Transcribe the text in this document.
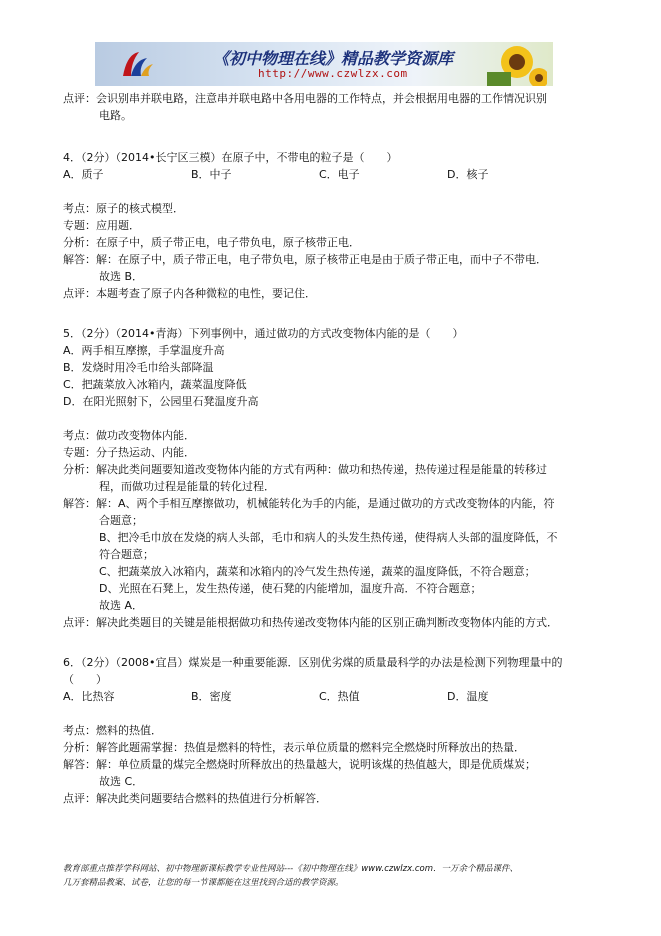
《初中物理在线》精品教学资源库
http://www.czwlzx.com
点评：会识别串并联电路，注意串并联电路中各用电器的工作特点，并会根据用电器的工作情况识别
电路。
4．（2分）（2014•长宁区三模）在原子中，不带电的粒子是（　　）
A．质子	B．中子	C．电子	D．核子
考点：原子的核式模型．
专题：应用题．
分析：在原子中，质子带正电，电子带负电，原子核带正电．
解答：解：在原子中，质子带正电，电子带负电，原子核带正电是由于质子带正电，而中子不带电．
故选 B．
点评：本题考查了原子内各种微粒的电性，要记住．
5．（2分）（2014•青海）下列事例中，通过做功的方式改变物体内能的是（　　）
A．两手相互摩擦，手掌温度升高
B．发烧时用冷毛巾给头部降温
C．把蔬菜放入冰箱内，蔬菜温度降低
D．在阳光照射下，公园里石凳温度升高
考点：做功改变物体内能．
专题：分子热运动、内能．
分析：解决此类问题要知道改变物体内能的方式有两种：做功和热传递，热传递过程是能量的转移过
程，而做功过程是能量的转化过程．
解答：解：A、两个手相互摩擦做功，机械能转化为手的内能，是通过做功的方式改变物体的内能，符
合题意；
B、把冷毛巾放在发烧的病人头部，毛巾和病人的头发生热传递，使得病人头部的温度降低，不
符合题意；
C、把蔬菜放入冰箱内，蔬菜和冰箱内的冷气发生热传递，蔬菜的温度降低，不符合题意；
D、光照在石凳上，发生热传递，使石凳的内能增加，温度升高．不符合题意；
故选 A．
点评：解决此类题目的关键是能根据做功和热传递改变物体内能的区别正确判断改变物体内能的方式．
6．（2分）（2008•宜昌）煤炭是一种重要能源．区别优劣煤的质量最科学的办法是检测下列物理量中的
（　　）
A．比热容	B．密度	C．热值	D．温度
考点：燃料的热值．
分析：解答此题需掌握：热值是燃料的特性，表示单位质量的燃料完全燃烧时所释放出的热量．
解答：解：单位质量的煤完全燃烧时所释放出的热量越大，说明该煤的热值越大，即是优质煤炭；
故选 C．
点评：解决此类问题要结合燃料的热值进行分析解答．
教育部重点推荐学科网站、初中物理新课标教学专业性网站---《初中物理在线》www.czwlzx.com．一万余个精品课件、
几万套精品教案、试卷，让您的每一节课都能在这里找到合适的教学资源。
